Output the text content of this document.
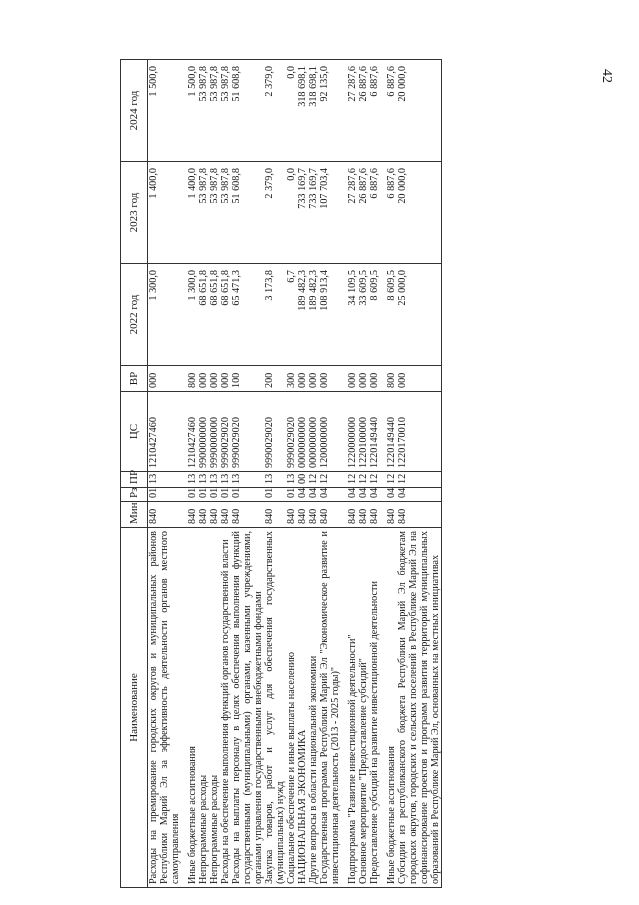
42
Наименование	Мин	Рз	ПР	ЦС	ВР	2022 год	2023 год	2024 год
Расходы на премирование городских округов и муниципальных районов Республики Марий Эл за эффективность деятельности органов местного самоуправления	840	01	13	1210427460	000	1 300,0	1 400,0	1 500,0

Иные бюджетные ассигнования	840	01	13	1210427460	800	1 300,0	1 400,0	1 500,0
Непрограммные расходы	840	01	13	9900000000	000	68 651,8	53 987,8	53 987,8
Непрограммные расходы	840	01	13	9990000000	000	68 651,8	53 987,8	53 987,8
Расходы на обеспечение выполнения функций органов государственной власти	840	01	13	9990029020	000	68 651,8	53 987,8	53 987,8
Расходы на выплаты персоналу в целях обеспечения выполнения функций государственными (муниципальными) органами, казенными учреждениями, органами управления государственными внебюджетными фондами	840	01	13	9990029020	100	65 471,3	51 608,8	51 608,8
Закупка товаров, работ и услуг для обеспечения государственных (муниципальных) нужд	840	01	13	9990029020	200	3 173,8	2 379,0	2 379,0
Социальное обеспечение и иные выплаты населению	840	01	13	9990029020	300	6,7	0,0	0,0
НАЦИОНАЛЬНАЯ ЭКОНОМИКА	840	04	00	0000000000	000	189 482,3	733 169,7	318 698,1
Другие вопросы в области национальной экономики	840	04	12	0000000000	000	189 482,3	733 169,7	318 698,1
Государственная программа Республики Марий Эл "Экономическое развитие и инвестиционная деятельность (2013 - 2025 годы)"	840	04	12	1200000000	000	108 913,4	107 703,4	92 135,0

Подпрограмма "Развитие инвестиционной деятельности"	840	04	12	1220000000	000	34 109,5	27 287,6	27 287,6
Основное мероприятие "Предоставление субсидий"	840	04	12	1220100000	000	33 609,5	26 887,6	26 887,6
Предоставление субсидий на развитие инвестиционной деятельности	840	04	12	1220149440	000	8 609,5	6 887,6	6 887,6

Иные бюджетные ассигнования	840	04	12	1220149440	800	8 609,5	6 887,6	6 887,6
Субсидии из республиканского бюджета Республики Марий Эл бюджетам городских округов, городских и сельских поселений в Республике Марий Эл на софинансирование проектов и программ развития территорий муниципальных образований в Республике Марий Эл, основанных на местных инициативах	840	04	12	1220170010	000	25 000,0	20 000,0	20 000,0
